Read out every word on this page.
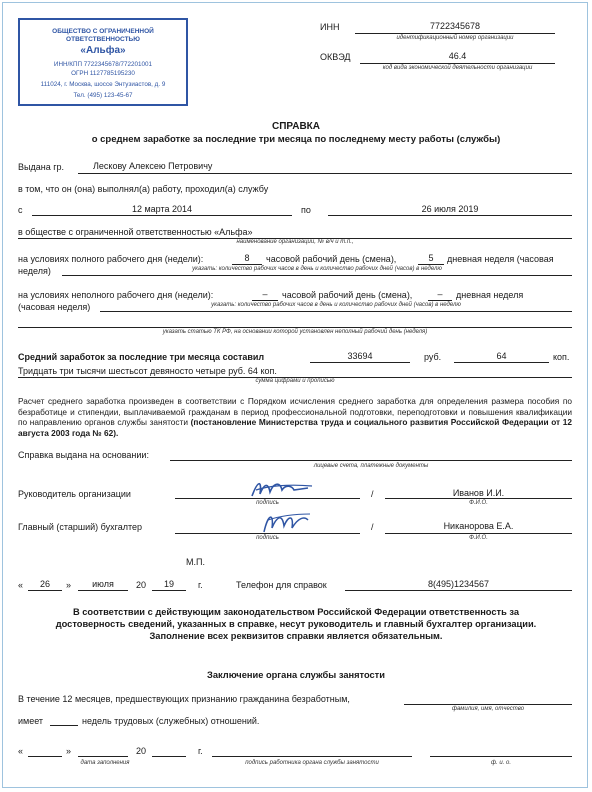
ОБЩЕСТВО С ОГРАНИЧЕННОЙ
ОТВЕТСТВЕННОСТЬЮ
«Альфа»
ИНН/КПП 7722345678/772201001
ОГРН 1127785195230
111024, г. Москва, шоссе Энтузиастов, д. 9
Тел. (495) 123-45-67
ИНН	7722345678
идентификационный номер организации
ОКВЭД	46.4
код вида экономической деятельности организации
СПРАВКА
о среднем заработке за последние три месяца по последнему месту работы (службы)
Выдана гр.	Лескову Алексею Петровичу
в том, что он (она) выполнял(а) работу, проходил(а) службу
с	12 марта 2014	по	26 июля 2019
в обществе с ограниченной ответственностью «Альфа»
наименование организации, № в/ч и т.п.,
на условиях полного рабочего дня (недели):	8	часовой рабочий день (смена),	5	дневная неделя (часовая
неделя)	указать: количество рабочих часов в день и количество рабочих дней (часов) в неделю
на условиях неполного рабочего дня (недели):	–	часовой рабочий день (смена),	–	дневная неделя
(часовая неделя)	указать: количество рабочих часов в день и количество рабочих дней (часов) в неделю
указать статью ТК РФ, на основании которой установлен неполный рабочий день (неделя)
Средний заработок за последние три месяца составил	33694	руб.	64	коп.
Тридцать три тысячи шестьсот девяносто четыре руб. 64 коп.
сумма цифрами и прописью
Расчет среднего заработка произведен в соответствии с Порядком исчисления среднего заработка для определения размера пособия по безработице и стипендии, выплачиваемой гражданам в период профессиональной подготовки, переподготовки и повышения квалификации по направлению органов службы занятости (постановление Министерства труда и социального развития Российской Федерации от 12 августа 2003 года № 62).
Справка выдана на основании:
лицевые счета, платежные документы
Руководитель организации
подпись
/	Иванов И.И.
Ф.И.О.
Главный (старший) бухгалтер
подпись
/	Никанорова Е.А.
Ф.И.О.
М.П.
«	26	»	июля	20	19	г.	Телефон для справок	8(495)1234567
В соответствии с действующим законодательством Российской Федерации ответственность за
достоверность сведений, указанных в справке, несут руководитель и главный бухгалтер организации.
Заполнение всех реквизитов справки является обязательным.
Заключение органа службы занятости
В течение 12 месяцев, предшествующих признанию гражданина безработным,
фамилия, имя, отчество
имеет	недель трудовых (служебных) отношений.
«	»	20	г.
дата заполнения	подпись работника органа службы занятости	ф. и. о.
